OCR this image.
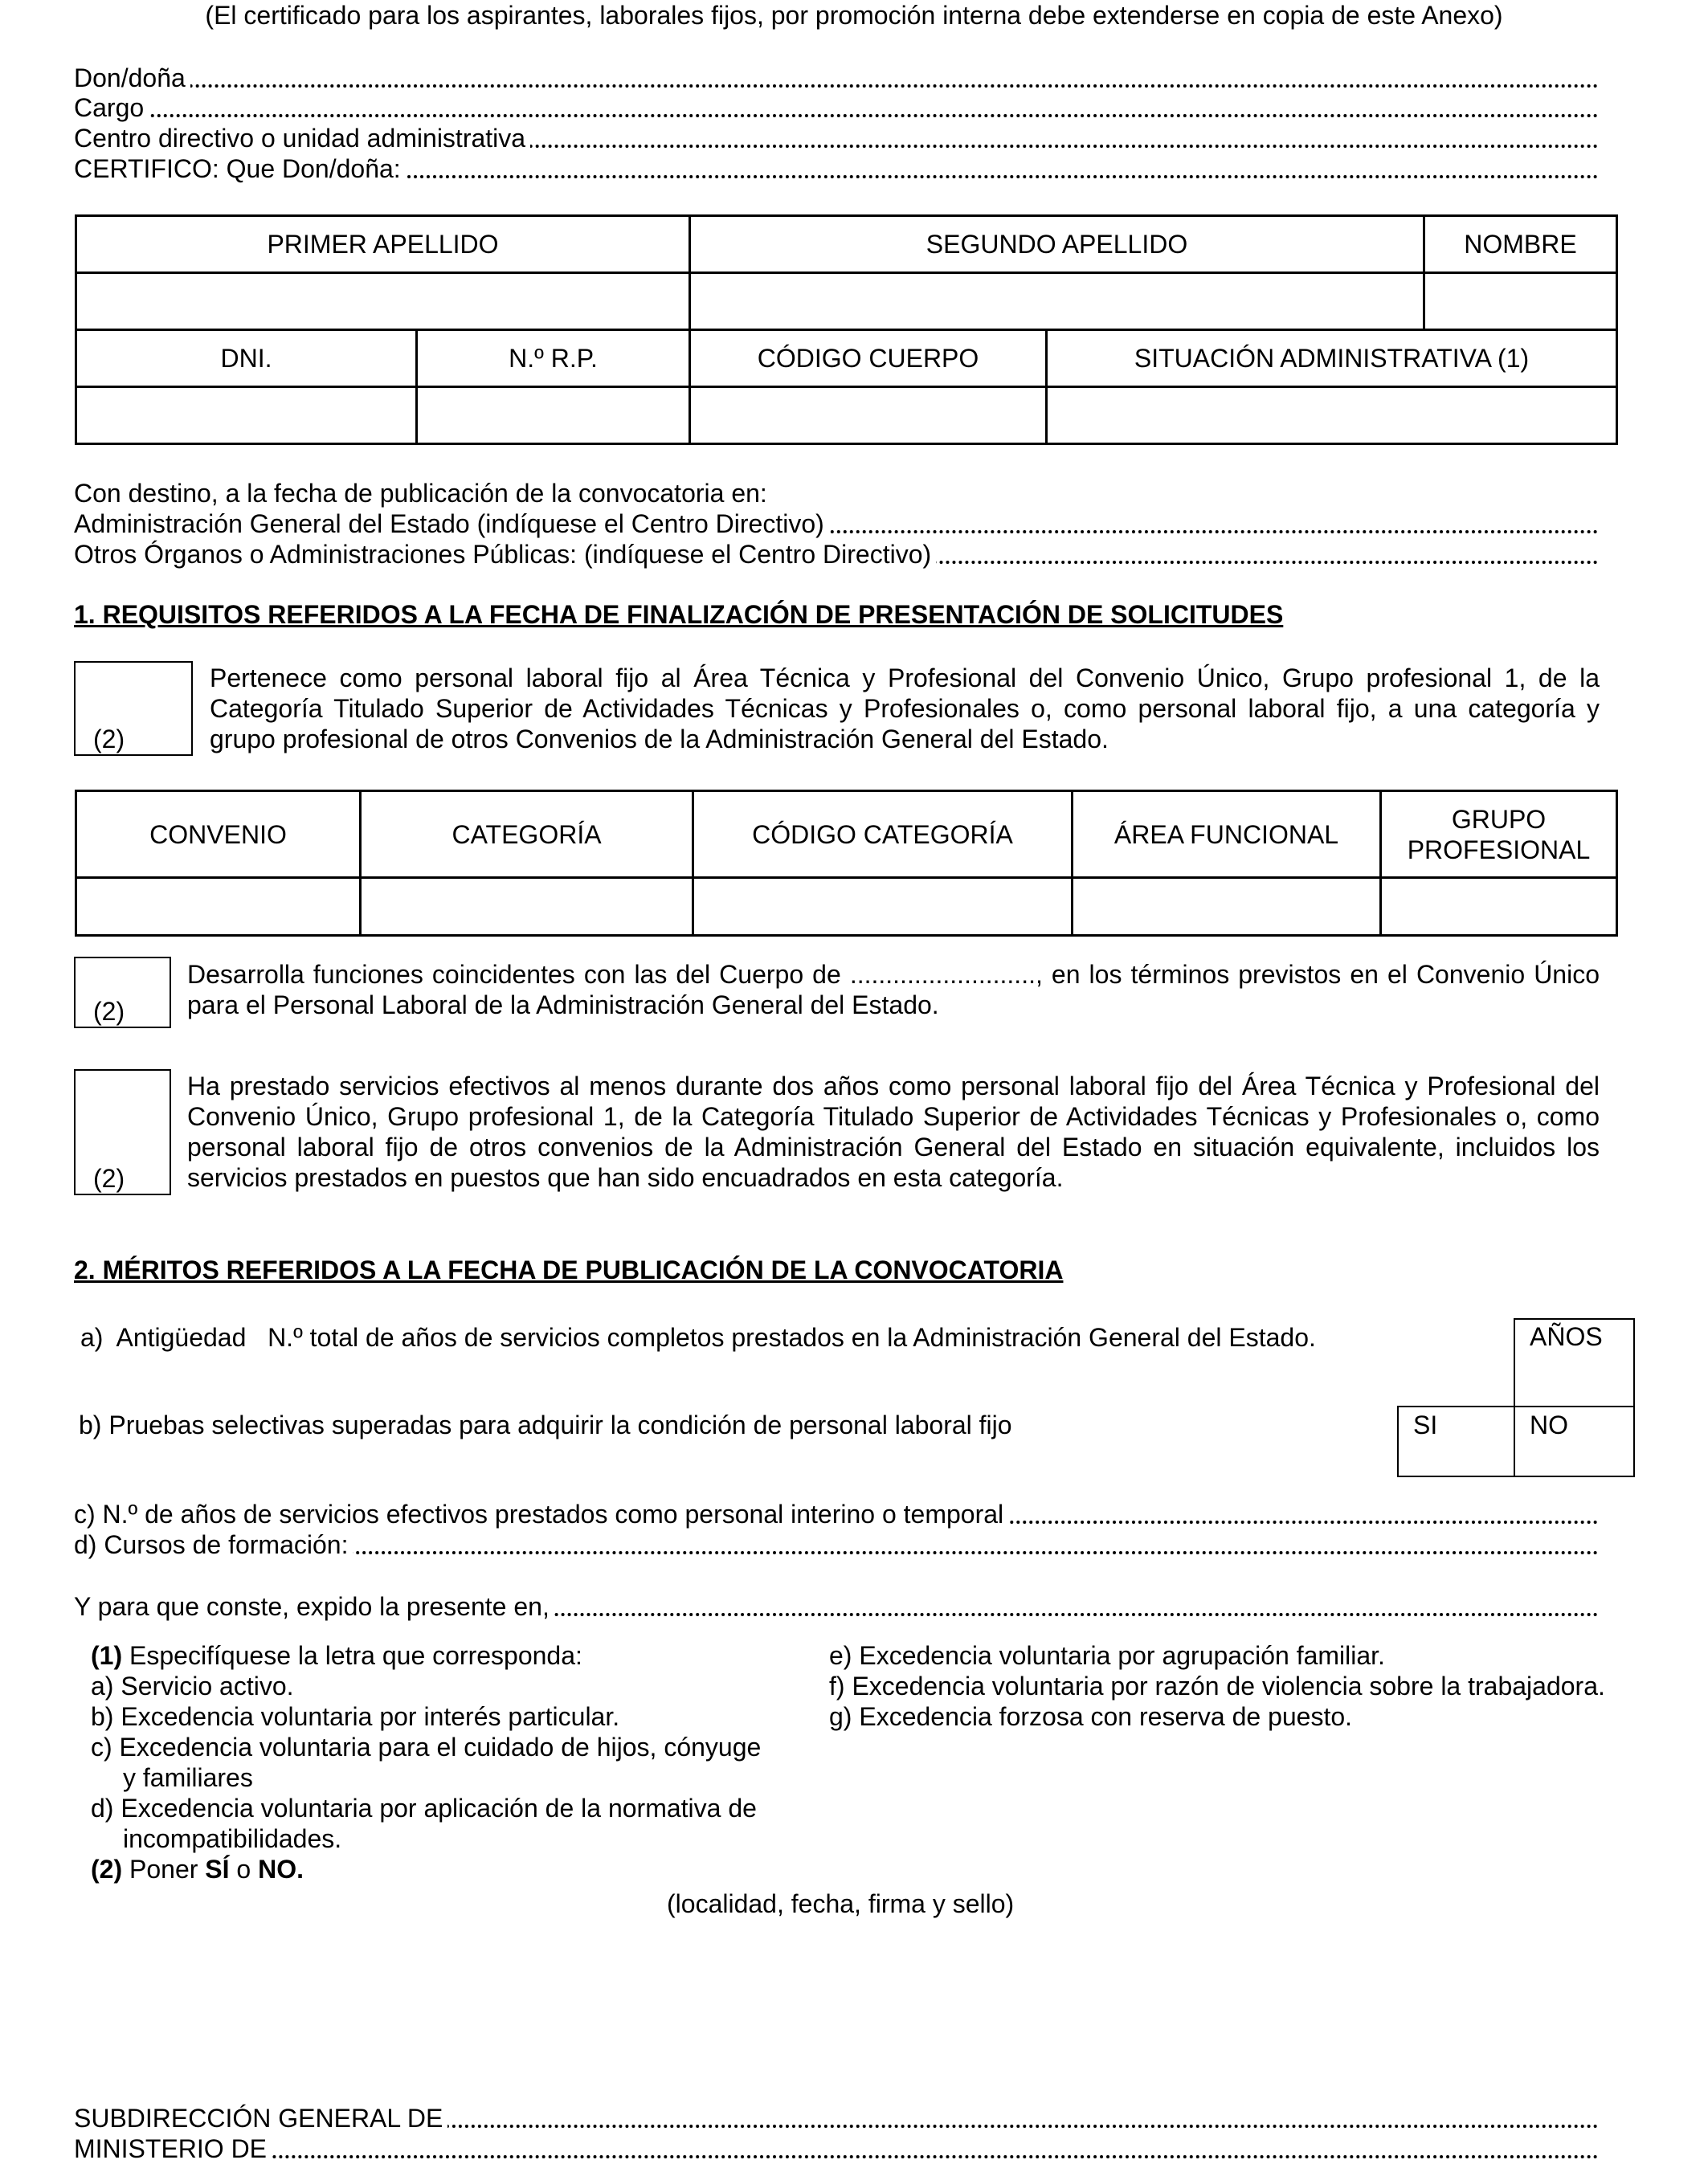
(El certificado para los aspirantes, laborales fijos, por promoción interna debe extenderse en copia de este Anexo)
Don/doña
Cargo
Centro directivo o unidad administrativa
CERTIFICO: Que Don/doña:
PRIMER APELLIDO		SEGUNDO APELLIDO		NOMBRE

DNI.	N.º R.P.	CÓDIGO CUERPO	SITUACIÓN ADMINISTRATIVA (1)	

Con destino, a la fecha de publicación de la convocatoria en:
Administración General del Estado (indíquese el Centro Directivo)
Otros Órganos o Administraciones Públicas: (indíquese el Centro Directivo)
1. REQUISITOS REFERIDOS A LA FECHA DE FINALIZACIÓN DE PRESENTACIÓN DE SOLICITUDES
(2)
Pertenece como personal laboral fijo al Área Técnica y Profesional del Convenio Único, Grupo profesional 1, de la Categoría Titulado Superior de Actividades Técnicas y Profesionales o, como personal laboral fijo, a una categoría y grupo profesional de otros Convenios de la Administración General del Estado.
CONVENIO	CATEGORÍA	CÓDIGO CATEGORÍA	ÁREA FUNCIONAL	GRUPO PROFESIONAL

(2)
Desarrolla funciones coincidentes con las del Cuerpo de .........................., en los términos previstos en el Convenio Único para el Personal Laboral de la Administración General del Estado.
(2)
Ha prestado servicios efectivos al menos durante dos años como personal laboral fijo del Área Técnica y Profesional del Convenio Único, Grupo profesional 1, de la Categoría Titulado Superior de Actividades Técnicas y Profesionales o, como personal laboral fijo de otros convenios de la Administración General del Estado en situación equivalente, incluidos los servicios prestados en puestos que han sido encuadrados en esta categoría.
2. MÉRITOS REFERIDOS A LA FECHA DE PUBLICACIÓN DE LA CONVOCATORIA
a)  Antigüedad   N.º total de años de servicios completos prestados en la Administración General del Estado.
b) Pruebas selectivas superadas para adquirir la condición de personal laboral fijo
AÑOS
SI	NO
c) N.º de años de servicios efectivos prestados como personal interino o temporal
d) Cursos de formación:
Y para que conste, expido la presente en,
(1) Especifíquese la letra que corresponda:
a) Servicio activo.
b) Excedencia voluntaria por interés particular.
c) Excedencia voluntaria para el cuidado de hijos, cónyuge
y familiares
d) Excedencia voluntaria por aplicación de la normativa de
incompatibilidades.
(2) Poner SÍ o NO.
e) Excedencia voluntaria por agrupación familiar.
f) Excedencia voluntaria por razón de violencia sobre la trabajadora.
g) Excedencia forzosa con reserva de puesto.
(localidad, fecha, firma y sello)
SUBDIRECCIÓN GENERAL DE
MINISTERIO DE
